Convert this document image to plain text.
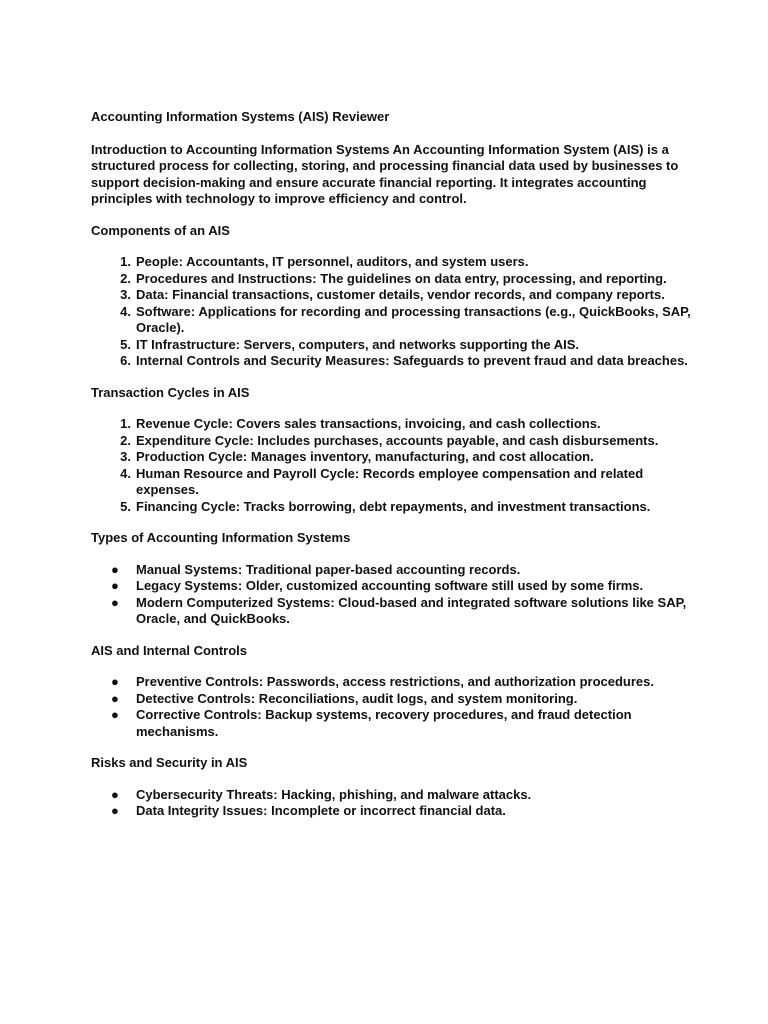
Accounting Information Systems (AIS) Reviewer

Introduction to Accounting Information Systems An Accounting Information System (AIS) is a structured process for collecting, storing, and processing financial data used by businesses to support decision-making and ensure accurate financial reporting. It integrates accounting principles with technology to improve efficiency and control.

Components of an AIS

1. People: Accountants, IT personnel, auditors, and system users.
2. Procedures and Instructions: The guidelines on data entry, processing, and reporting.
3. Data: Financial transactions, customer details, vendor records, and company reports.
4. Software: Applications for recording and processing transactions (e.g., QuickBooks, SAP, Oracle).
5. IT Infrastructure: Servers, computers, and networks supporting the AIS.
6. Internal Controls and Security Measures: Safeguards to prevent fraud and data breaches.

Transaction Cycles in AIS

1. Revenue Cycle: Covers sales transactions, invoicing, and cash collections.
2. Expenditure Cycle: Includes purchases, accounts payable, and cash disbursements.
3. Production Cycle: Manages inventory, manufacturing, and cost allocation.
4. Human Resource and Payroll Cycle: Records employee compensation and related expenses.
5. Financing Cycle: Tracks borrowing, debt repayments, and investment transactions.

Types of Accounting Information Systems

●	Manual Systems: Traditional paper-based accounting records.
●	Legacy Systems: Older, customized accounting software still used by some firms.
●	Modern Computerized Systems: Cloud-based and integrated software solutions like SAP, Oracle, and QuickBooks.

AIS and Internal Controls

●	Preventive Controls: Passwords, access restrictions, and authorization procedures.
●	Detective Controls: Reconciliations, audit logs, and system monitoring.
●	Corrective Controls: Backup systems, recovery procedures, and fraud detection mechanisms.

Risks and Security in AIS

●	Cybersecurity Threats: Hacking, phishing, and malware attacks.
●	Data Integrity Issues: Incomplete or incorrect financial data.
